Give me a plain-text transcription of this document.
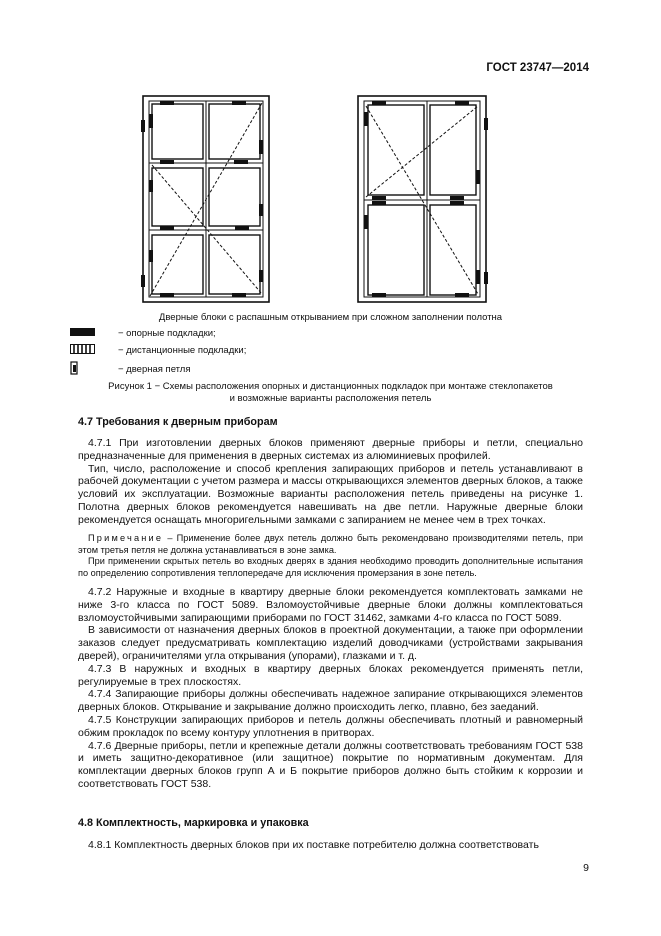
ГОСТ 23747—2014
Дверные блоки с распашным открыванием при сложном заполнении полотна
− опорные подкладки;
− дистанционные подкладки;
− дверная петля
Рисунок 1 − Схемы расположения опорных и дистанционных подкладок при монтаже стеклопакетов
и возможные варианты расположения петель
4.7 Требования к дверным приборам

4.7.1 При изготовлении дверных блоков применяют дверные приборы и петли, специально предназначенные для применения в дверных системах из алюминиевых профилей.

Тип, число, расположение и способ крепления запирающих приборов и петель устанавливают в рабочей документации с учетом размера и массы открывающихся элементов дверных блоков, а также условий их эксплуатации. Возможные варианты расположения петель приведены на рисунке 1. Полотна дверных блоков рекомендуется навешивать на две петли. Наружные дверные блоки рекомендуется оснащать многоригельными замками с запиранием не менее чем в трех точках.

Примечание – Применение более двух петель должно быть рекомендовано производителями петель, при этом третья петля не должна устанавливаться в зоне замка.

При применении скрытых петель во входных дверях в здания необходимо проводить дополнительные испытания по определению сопротивления теплопередаче для исключения промерзания в зоне петель.

4.7.2 Наружные и входные в квартиру дверные блоки рекомендуется комплектовать замками не ниже 3-го класса по ГОСТ 5089. Взломоустойчивые дверные блоки должны комплектоваться взломоустойчивыми запирающими приборами по ГОСТ 31462, замками 4-го класса по ГОСТ 5089.

В зависимости от назначения дверных блоков в проектной документации, а также при оформлении заказов следует предусматривать комплектацию изделий доводчиками (устройствами закрывания дверей), ограничителями угла открывания (упорами), глазками и т. д.

4.7.3 В наружных и входных в квартиру дверных блоках рекомендуется применять петли, регулируемые в трех плоскостях.

4.7.4 Запирающие приборы должны обеспечивать надежное запирание открывающихся элементов дверных блоков. Открывание и закрывание должно происходить легко, плавно, без заеданий.

4.7.5 Конструкции запирающих приборов и петель должны обеспечивать плотный и равномерный обжим прокладок по всему контуру уплотнения в притворах.

4.7.6 Дверные приборы, петли и крепежные детали должны соответствовать требованиям ГОСТ 538 и иметь защитно-декоративное (или защитное) покрытие по нормативным документам. Для комплектации дверных блоков групп А и Б покрытие приборов должно быть стойким к коррозии и соответствовать ГОСТ 538.

4.8 Комплектность, маркировка и упаковка

4.8.1 Комплектность дверных блоков при их поставке потребителю должна соответствовать

9
